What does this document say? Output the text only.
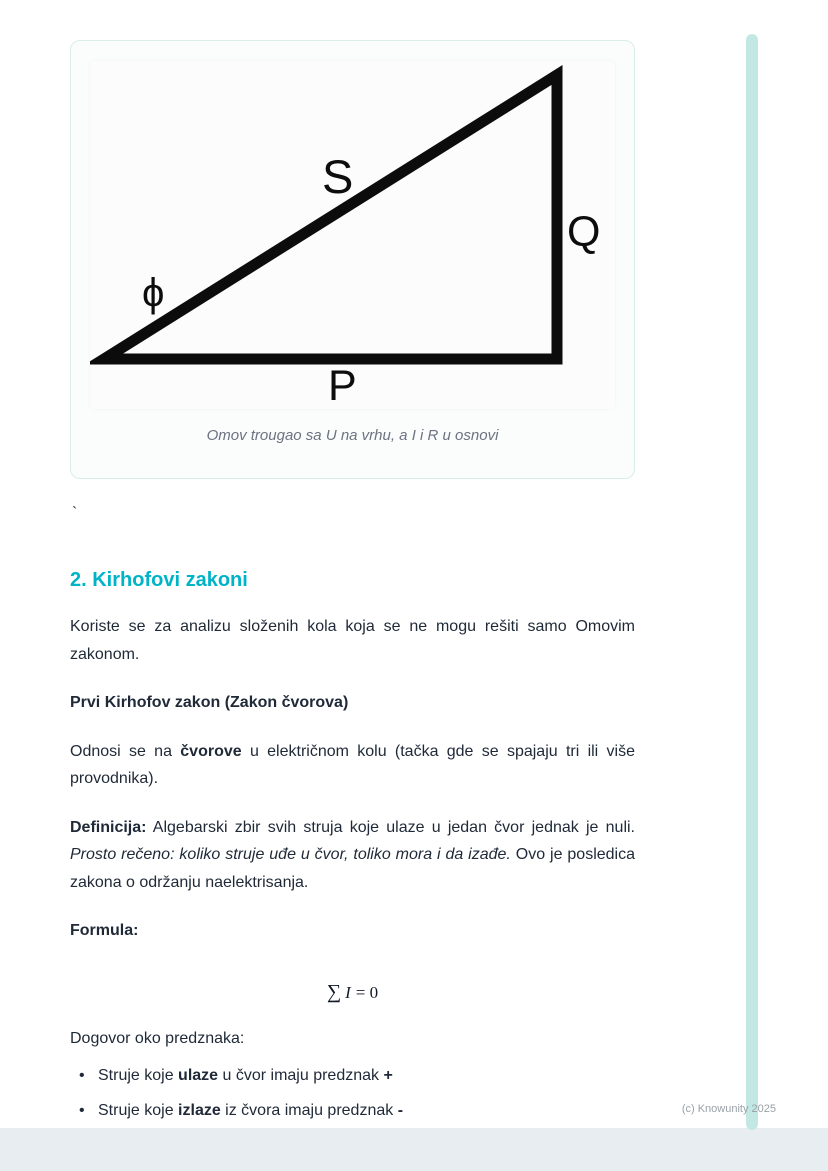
S
Q
P
ϕ
Omov trougao sa U na vrhu, a I i R u osnovi
`
2. Kirhofovi zakoni

Koriste se za analizu složenih kola koja se ne mogu rešiti samo Omovim zakonom.

Prvi Kirhofov zakon (Zakon čvorova)

Odnosi se na čvorove u električnom kolu (tačka gde se spajaju tri ili više provodnika).

Definicija: Algebarski zbir svih struja koje ulaze u jedan čvor jednak je nuli. Prosto rečeno: koliko struje uđe u čvor, toliko mora i da izađe. Ovo je posledica zakona o održanju naelektrisanja.

Formula:

∑ I = 0

Dogovor oko predznaka:

• Struje koje ulaze u čvor imaju predznak +
• Struje koje izlaze iz čvora imaju predznak -	(c) Knowunity 2025
